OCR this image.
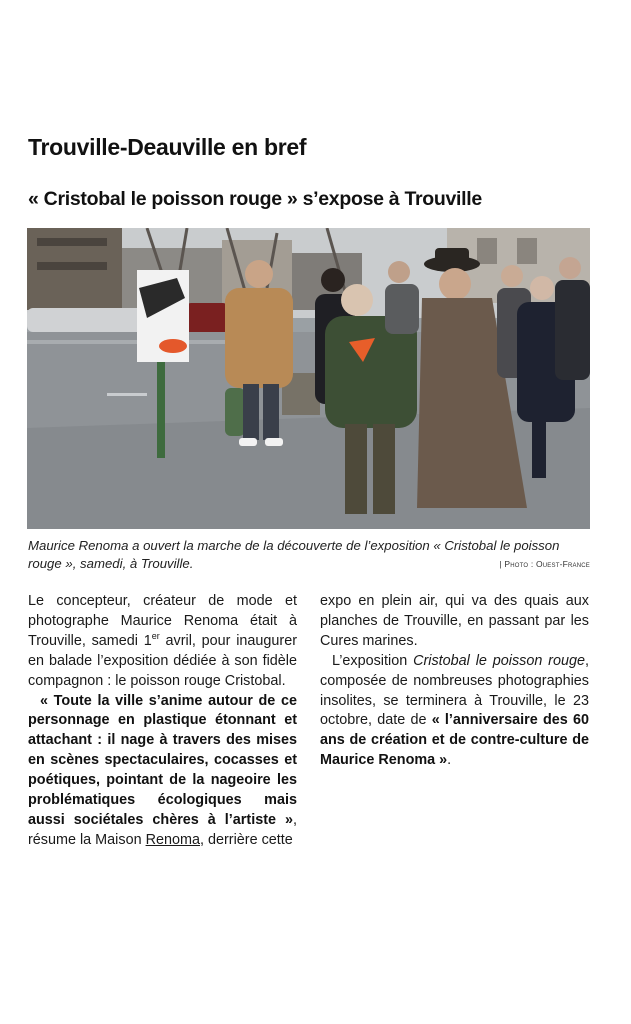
Trouville-Deauville en bref
« Cristobal le poisson rouge » s’expose à Trouville

Maurice Renoma a ouvert la marche de la découverte de l’exposition « Cristobal le poisson rouge », samedi, à Trouville.	| Photo : Ouest-France

Le concepteur, créateur de mode et photographe Maurice Renoma était à Trouville, samedi 1er avril, pour inaugurer en balade l’exposition dédiée à son fidèle compagnon : le poisson rouge Cristobal.

« Toute la ville s’anime autour de ce personnage en plastique étonnant et attachant : il nage à travers des mises en scènes spectaculaires, cocasses et poétiques, pointant de la nageoire les problématiques écologiques mais aussi sociétales chères à l’artiste », résume la Maison Renoma, derrière cette

expo en plein air, qui va des quais aux planches de Trouville, en passant par les Cures marines.

L’exposition Cristobal le poisson rouge, composée de nombreuses photographies insolites, se terminera à Trouville, le 23 octobre, date de « l’anniversaire des 60 ans de création et de contre-culture de Maurice Renoma ».
